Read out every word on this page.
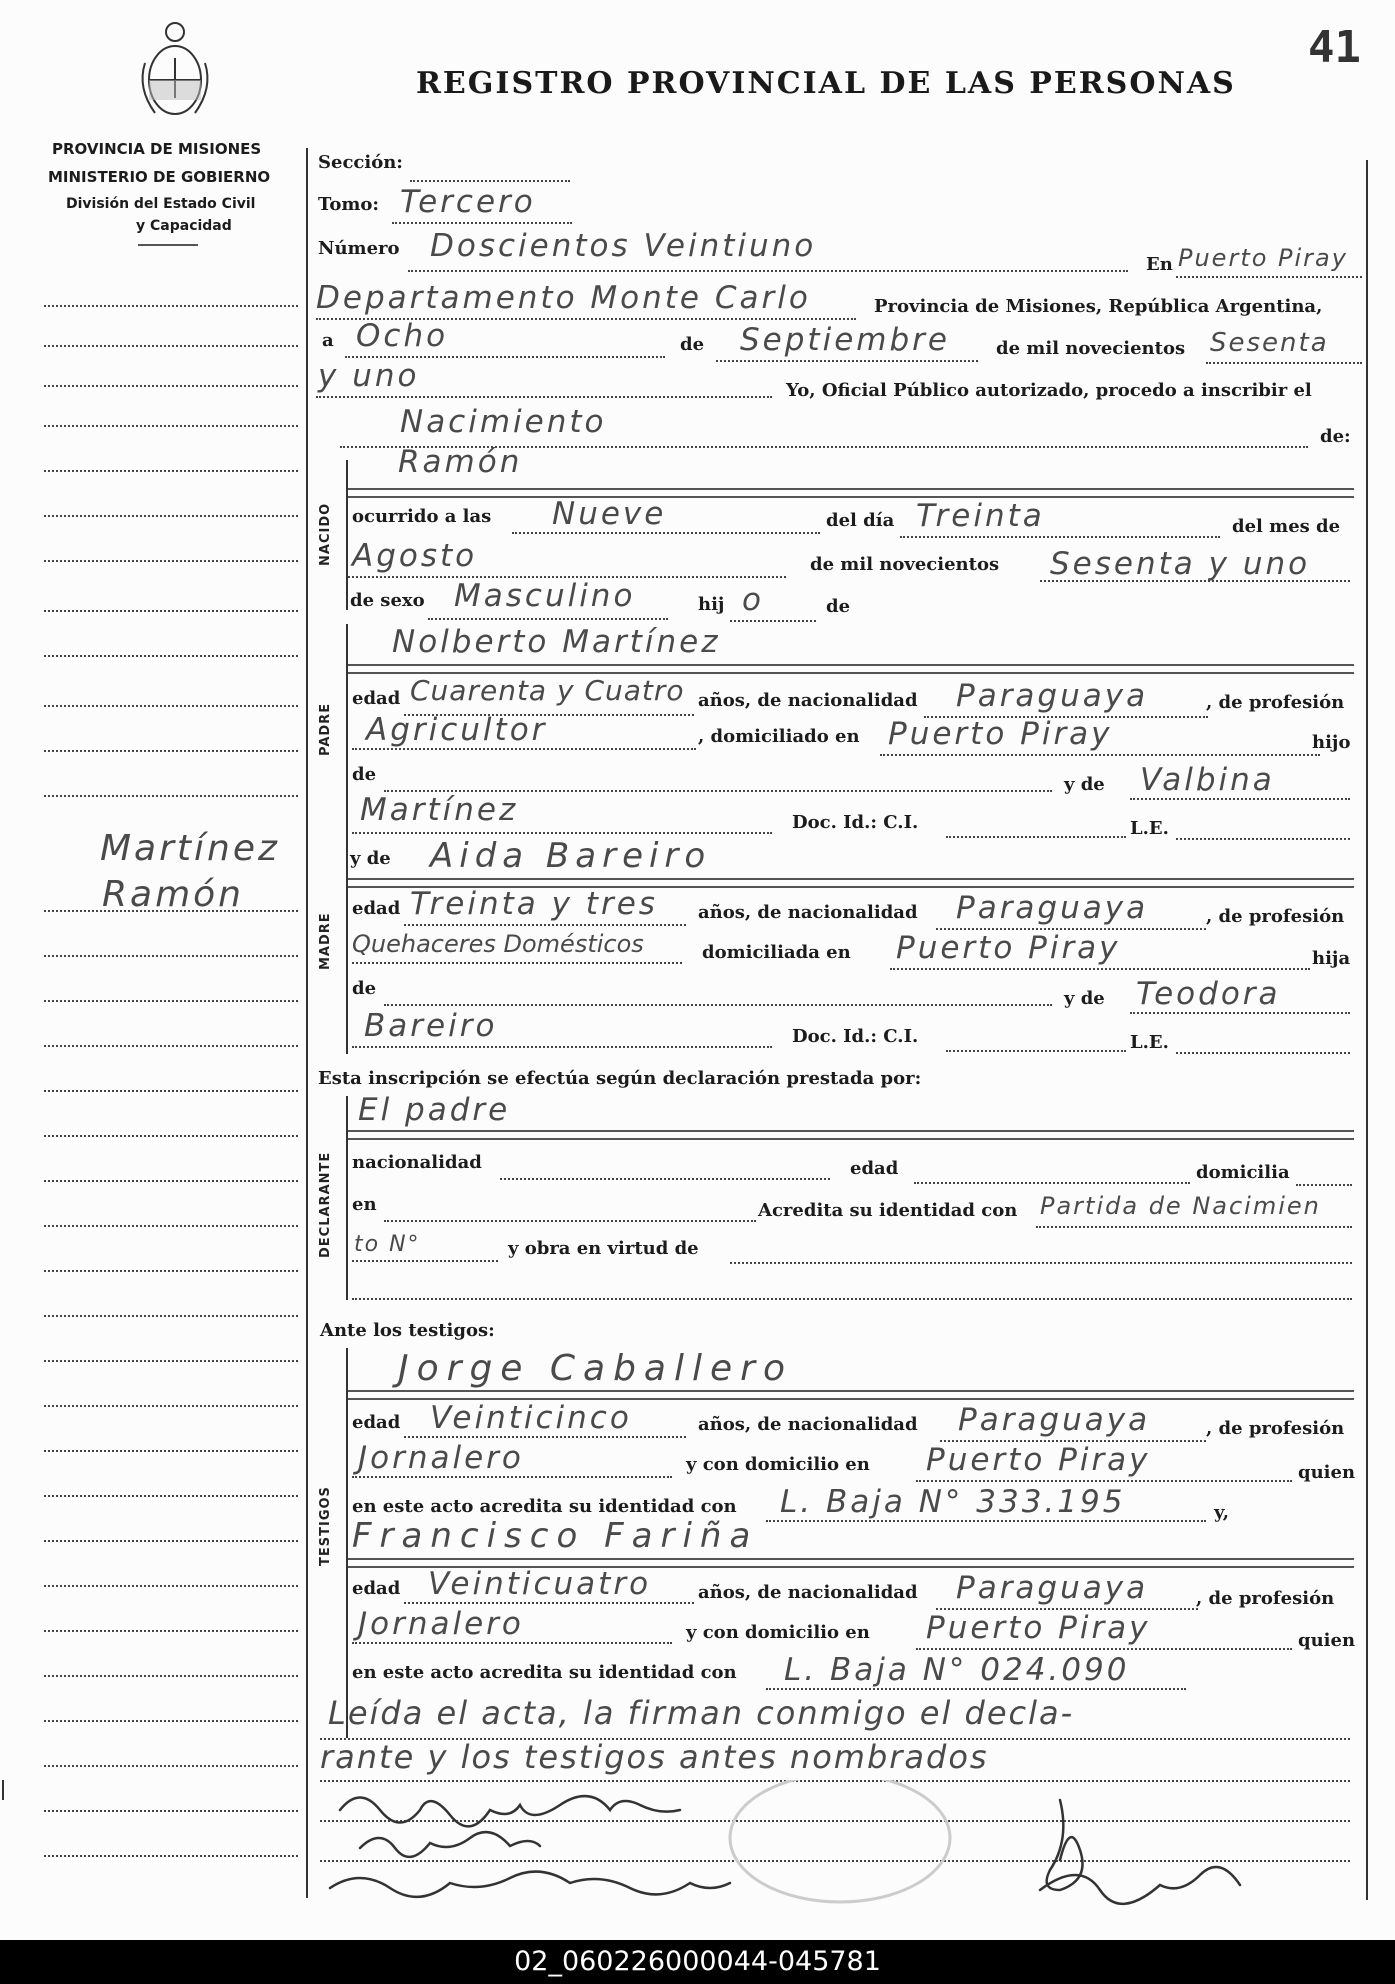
41
REGISTRO PROVINCIAL DE LAS PERSONAS
PROVINCIA DE MISIONES
MINISTERIO DE GOBIERNO
División del Estado Civil
y Capacidad
Martínez
Ramón
Sección:
Tomo: Tercero
Número Doscientos Veintiuno
En Puerto Piray
Departamento Monte Carlo	Provincia de Misiones, República Argentina,
a Ocho	de Septiembre	de mil novecientos Sesenta
y uno	Yo, Oficial Público autorizado, procedo a inscribir el
Nacimiento	de:
NACIDO
Ramón
ocurrido a las Nueve	del día Treinta	del mes de
Agosto	de mil novecientos Sesenta y uno
de sexo Masculino	hij o	de
PADRE
Nolberto Martínez
edad Cuarenta y Cuatro años, de nacionalidad Paraguaya	, de profesión
Agricultor	, domiciliado en Puerto Piray	hijo
de	y de Valbina
Martínez	Doc. Id.: C.I.	L.E.
MADRE
y de Aida Bareiro
edad Treinta y tres años, de nacionalidad Paraguaya	, de profesión
Quehaceres Domésticos	domiciliada en Puerto Piray	hija
de	y de Teodora
Bareiro	Doc. Id.: C.I.	L.E.
Esta inscripción se efectúa según declaración prestada por:
DECLARANTE
El padre
nacionalidad	edad	domicilia
en	Acredita su identidad con Partida de Nacimien
to N°	y obra en virtud de
Ante los testigos:
TESTIGOS
Jorge Caballero
edad Veinticinco	años, de nacionalidad Paraguaya	, de profesión
Jornalero	y con domicilio en Puerto Piray	quien
en este acto acredita su identidad con L. Baja N° 333.195	y,
Francisco Fariña
edad Veinticuatro	años, de nacionalidad Paraguaya	, de profesión
Jornalero	y con domicilio en Puerto Piray	quien
en este acto acredita su identidad con L. Baja N° 024.090
Leída el acta, la firman conmigo el decla-
rante y los testigos antes nombrados
02_060226000044-045781
